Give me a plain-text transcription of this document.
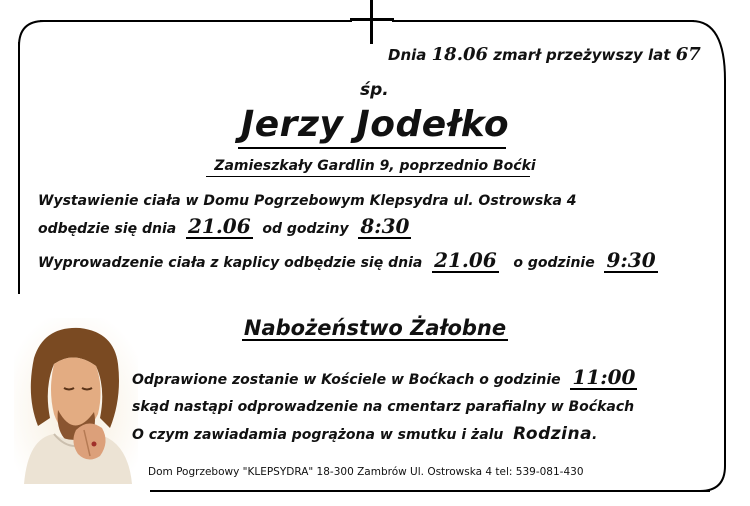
Dnia 18.06 zmarł przeżywszy lat 67
śp.
Jerzy Jodełko
Zamieszkały Gardlin 9, poprzednio Boćki
Wystawienie ciała w Domu Pogrzebowym Klepsydra ul. Ostrowska 4
odbędzie się dnia 21.06 od godziny 8:30
Wyprowadzenie ciała z kaplicy odbędzie się dnia 21.06 o godzinie 9:30
Nabożeństwo Żałobne
Odprawione zostanie w Kościele w Boćkach o godzinie 11:00
skąd nastąpi odprowadzenie na cmentarz parafialny w Boćkach
O czym zawiadamia pogrążona w smutku i żalu Rodzina.
Dom Pogrzebowy "KLEPSYDRA" 18-300 Zambrów Ul. Ostrowska 4 tel: 539-081-430
